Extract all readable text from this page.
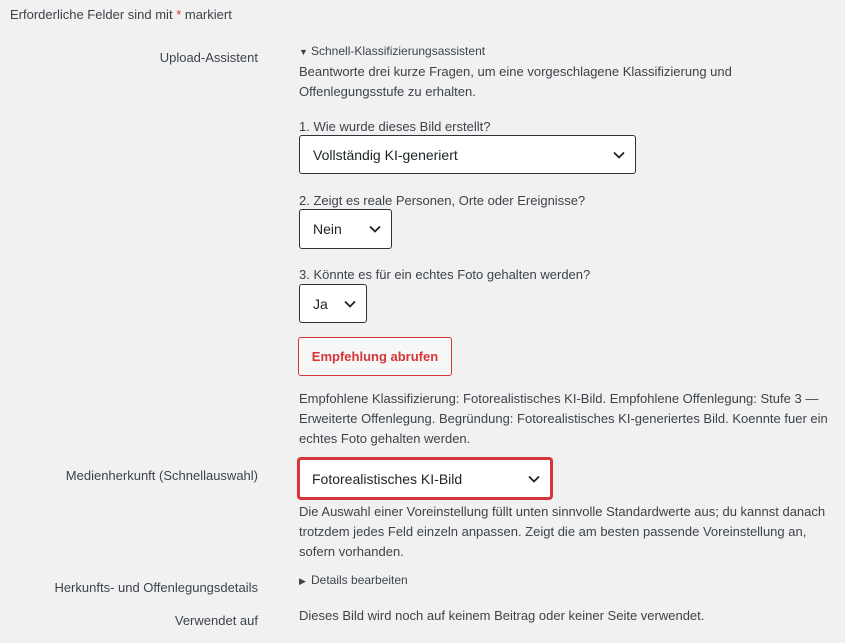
Erforderliche Felder sind mit * markiert
Upload-Assistent	▼ Schnell-Klassifizierungsassistent
Beantworte drei kurze Fragen, um eine vorgeschlagene Klassifizierung und Offenlegungsstufe zu erhalten.
1. Wie wurde dieses Bild erstellt?
Vollständig KI-generiert
2. Zeigt es reale Personen, Orte oder Ereignisse?
Nein
3. Könnte es für ein echtes Foto gehalten werden?
Ja
Empfehlung abrufen
Empfohlene Klassifizierung: Fotorealistisches KI-Bild. Empfohlene Offenlegung: Stufe 3 — Erweiterte Offenlegung. Begründung: Fotorealistisches KI-generiertes Bild. Koennte fuer ein echtes Foto gehalten werden.
Medienherkunft (Schnellauswahl)	Fotorealistisches KI-Bild
Die Auswahl einer Voreinstellung füllt unten sinnvolle Standardwerte aus; du kannst danach trotzdem jedes Feld einzeln anpassen. Zeigt die am besten passende Voreinstellung an, sofern vorhanden.
Herkunfts- und Offenlegungsdetails	▶ Details bearbeiten
Verwendet auf	Dieses Bild wird noch auf keinem Beitrag oder keiner Seite verwendet.
